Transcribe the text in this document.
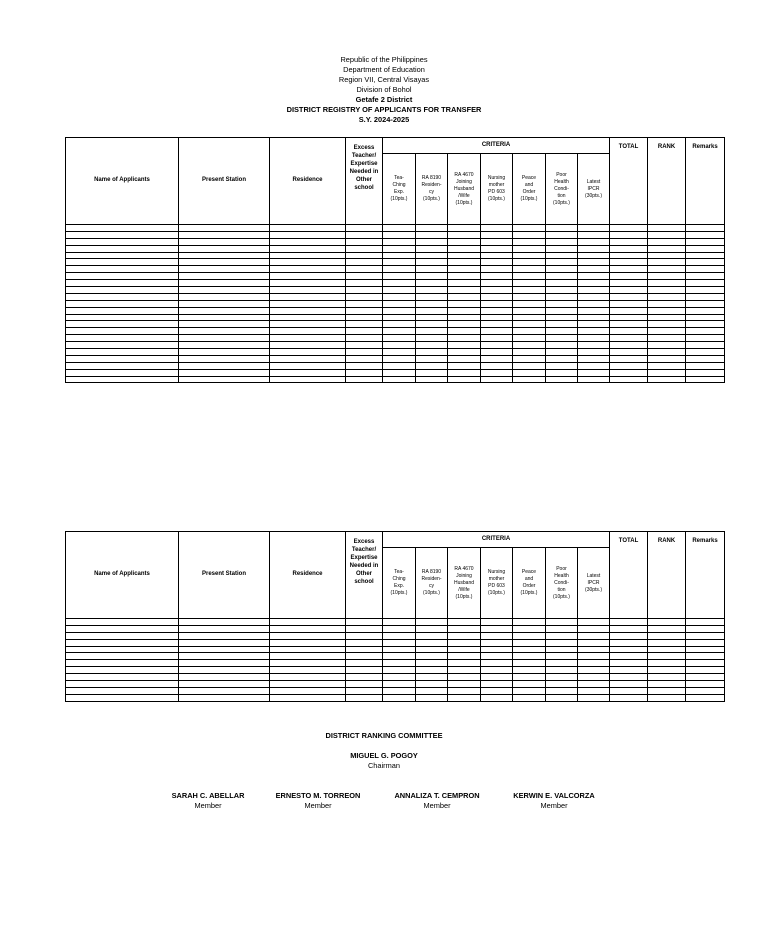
Republic of the Philippines
Department of Education
Region VII, Central Visayas
Division of Bohol
Getafe 2 District
DISTRICT REGISTRY OF APPLICANTS FOR TRANSFER
S.Y. 2024-2025
Name of Applicants	Present Station	Residence	Excess Teacher/ Expertise Needed in Other school	CRITERIA							TOTAL	RANK	Remarks
				Tea-
Ching
Exp.
(10pts.)	RA 8190
Residen-
cy
(10pts.)	RA 4670
Joining
Husband
/Wife
(10pts.)	Nursing
mother
PD 603
(10pts.)	Peace
and
Order
(10pts.)	Poor
Health
Condi-
tion
(10pts.)	Latest
IPCR
(30pts.)			

Name of Applicants	Present Station	Residence	Excess Teacher/ Expertise Needed in Other school	CRITERIA							TOTAL	RANK	Remarks
				Tea-
Ching
Exp.
(10pts.)	RA 8190
Residen-
cy
(10pts.)	RA 4670
Joining
Husband
/Wife
(10pts.)	Nursing
mother
PD 603
(10pts.)	Peace
and
Order
(10pts.)	Poor
Health
Condi-
tion
(10pts.)	Latest
IPCR
(30pts.)			

DISTRICT RANKING COMMITTEE
MIGUEL G. POGOY
Chairman
SARAH C. ABELLAR
Member
ERNESTO M. TORREON
Member
ANNALIZA T. CEMPRON
Member
KERWIN E. VALCORZA
Member
